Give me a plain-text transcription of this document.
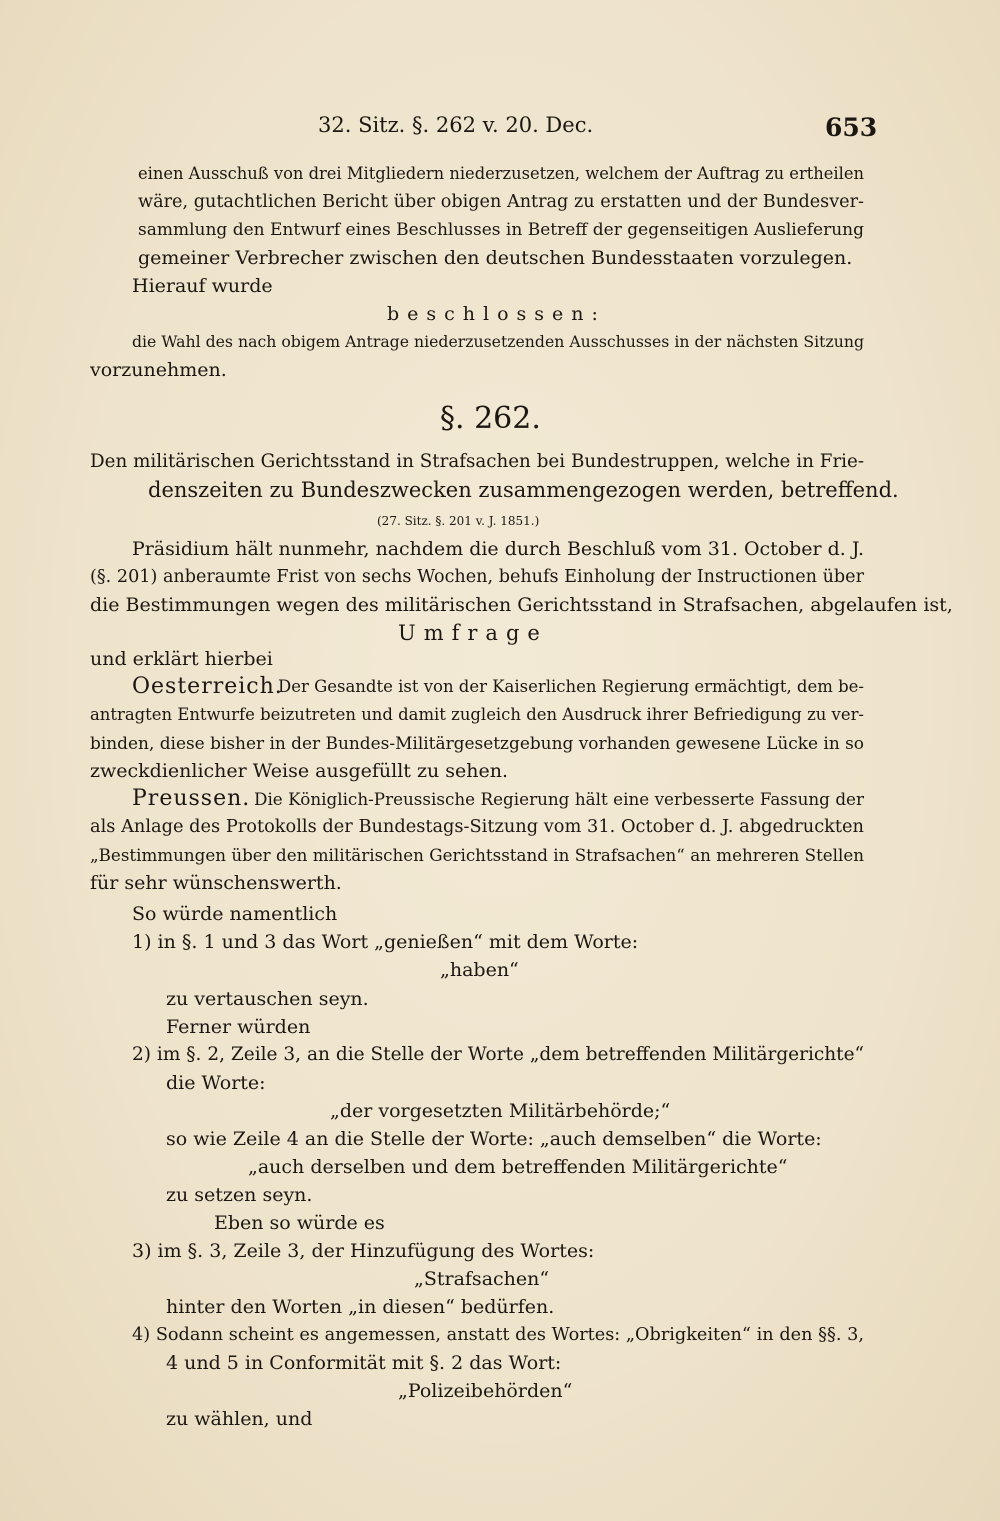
32. Sitz. §. 262 v. 20. Dec.	653
einen Ausschuß von drei Mitgliedern niederzusetzen, welchem der Auftrag zu ertheilen
wäre, gutachtlichen Bericht über obigen Antrag zu erstatten und der Bundesver-
sammlung den Entwurf eines Beschlusses in Betreff der gegenseitigen Auslieferung
gemeiner Verbrecher zwischen den deutschen Bundesstaaten vorzulegen.
Hierauf wurde
beschlossen:
die Wahl des nach obigem Antrage niederzusetzenden Ausschusses in der nächsten Sitzung
vorzunehmen.
§. 262.
Den militärischen Gerichtsstand in Strafsachen bei Bundestruppen, welche in Frie-
denszeiten zu Bundeszwecken zusammengezogen werden, betreffend.
(27. Sitz. §. 201 v. J. 1851.)
Präsidium hält nunmehr, nachdem die durch Beschluß vom 31. October d. J.
(§. 201) anberaumte Frist von sechs Wochen, behufs Einholung der Instructionen über
die Bestimmungen wegen des militärischen Gerichtsstand in Strafsachen, abgelaufen ist,
Umfrage
und erklärt hierbei
Oesterreich.
Der Gesandte ist von der Kaiserlichen Regierung ermächtigt, dem be-
antragten Entwurfe beizutreten und damit zugleich den Ausdruck ihrer Befriedigung zu ver-
binden, diese bisher in der Bundes-Militärgesetzgebung vorhanden gewesene Lücke in so
zweckdienlicher Weise ausgefüllt zu sehen.
Preussen. Die Königlich-Preussische Regierung hält eine verbesserte Fassung der
als Anlage des Protokolls der Bundestags-Sitzung vom 31. October d. J. abgedruckten
„Bestimmungen über den militärischen Gerichtsstand in Strafsachen“ an mehreren Stellen
für sehr wünschenswerth.
So würde namentlich
1) in §. 1 und 3 das Wort „genießen“ mit dem Worte:
„haben“
zu vertauschen seyn.
Ferner würden
2) im §. 2, Zeile 3, an die Stelle der Worte „dem betreffenden Militärgerichte“
die Worte:
„der vorgesetzten Militärbehörde;“
so wie Zeile 4 an die Stelle der Worte: „auch demselben“ die Worte:
„auch derselben und dem betreffenden Militärgerichte“
zu setzen seyn.
Eben so würde es
3) im §. 3, Zeile 3, der Hinzufügung des Wortes:
„Strafsachen“
hinter den Worten „in diesen“ bedürfen.
4) Sodann scheint es angemessen, anstatt des Wortes: „Obrigkeiten“ in den §§. 3,
4 und 5 in Conformität mit §. 2 das Wort:
„Polizeibehörden“
zu wählen, und
